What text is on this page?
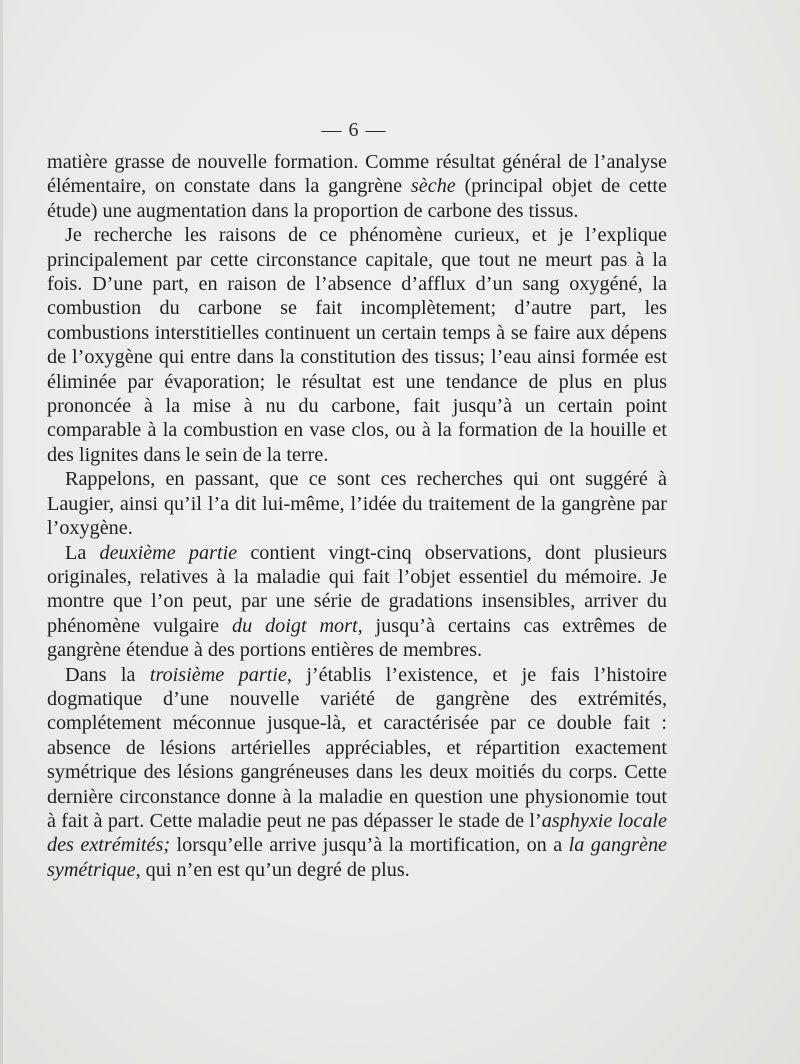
— 6 —

matière grasse de nouvelle formation. Comme résultat général de l’analyse élémentaire, on constate dans la gangrène sèche (principal objet de cette étude) une augmentation dans la proportion de carbone des tissus.

Je recherche les raisons de ce phénomène curieux, et je l’explique principalement par cette circonstance capitale, que tout ne meurt pas à la fois. D’une part, en raison de l’absence d’afflux d’un sang oxygéné, la combustion du carbone se fait incomplètement; d’autre part, les combustions interstitielles continuent un certain temps à se faire aux dépens de l’oxygène qui entre dans la constitution des tissus; l’eau ainsi formée est éliminée par évaporation; le résultat est une tendance de plus en plus prononcée à la mise à nu du carbone, fait jusqu’à un certain point comparable à la combustion en vase clos, ou à la formation de la houille et des lignites dans le sein de la terre.

Rappelons, en passant, que ce sont ces recherches qui ont suggéré à Laugier, ainsi qu’il l’a dit lui-même, l’idée du traitement de la gangrène par l’oxygène.

La deuxième partie contient vingt-cinq observations, dont plusieurs originales, relatives à la maladie qui fait l’objet essentiel du mémoire. Je montre que l’on peut, par une série de gradations insensibles, arriver du phénomène vulgaire du doigt mort, jusqu’à certains cas extrêmes de gangrène étendue à des portions entières de membres.

Dans la troisième partie, j’établis l’existence, et je fais l’histoire dogmatique d’une nouvelle variété de gangrène des extrémités, complétement méconnue jusque-là, et caractérisée par ce double fait : absence de lésions artérielles appréciables, et répartition exactement symétrique des lésions gangréneuses dans les deux moitiés du corps. Cette dernière circonstance donne à la maladie en question une physionomie tout à fait à part. Cette maladie peut ne pas dépasser le stade de l’asphyxie locale des extrémités; lorsqu’elle arrive jusqu’à la mortification, on a la gangrène symétrique, qui n’en est qu’un degré de plus.
